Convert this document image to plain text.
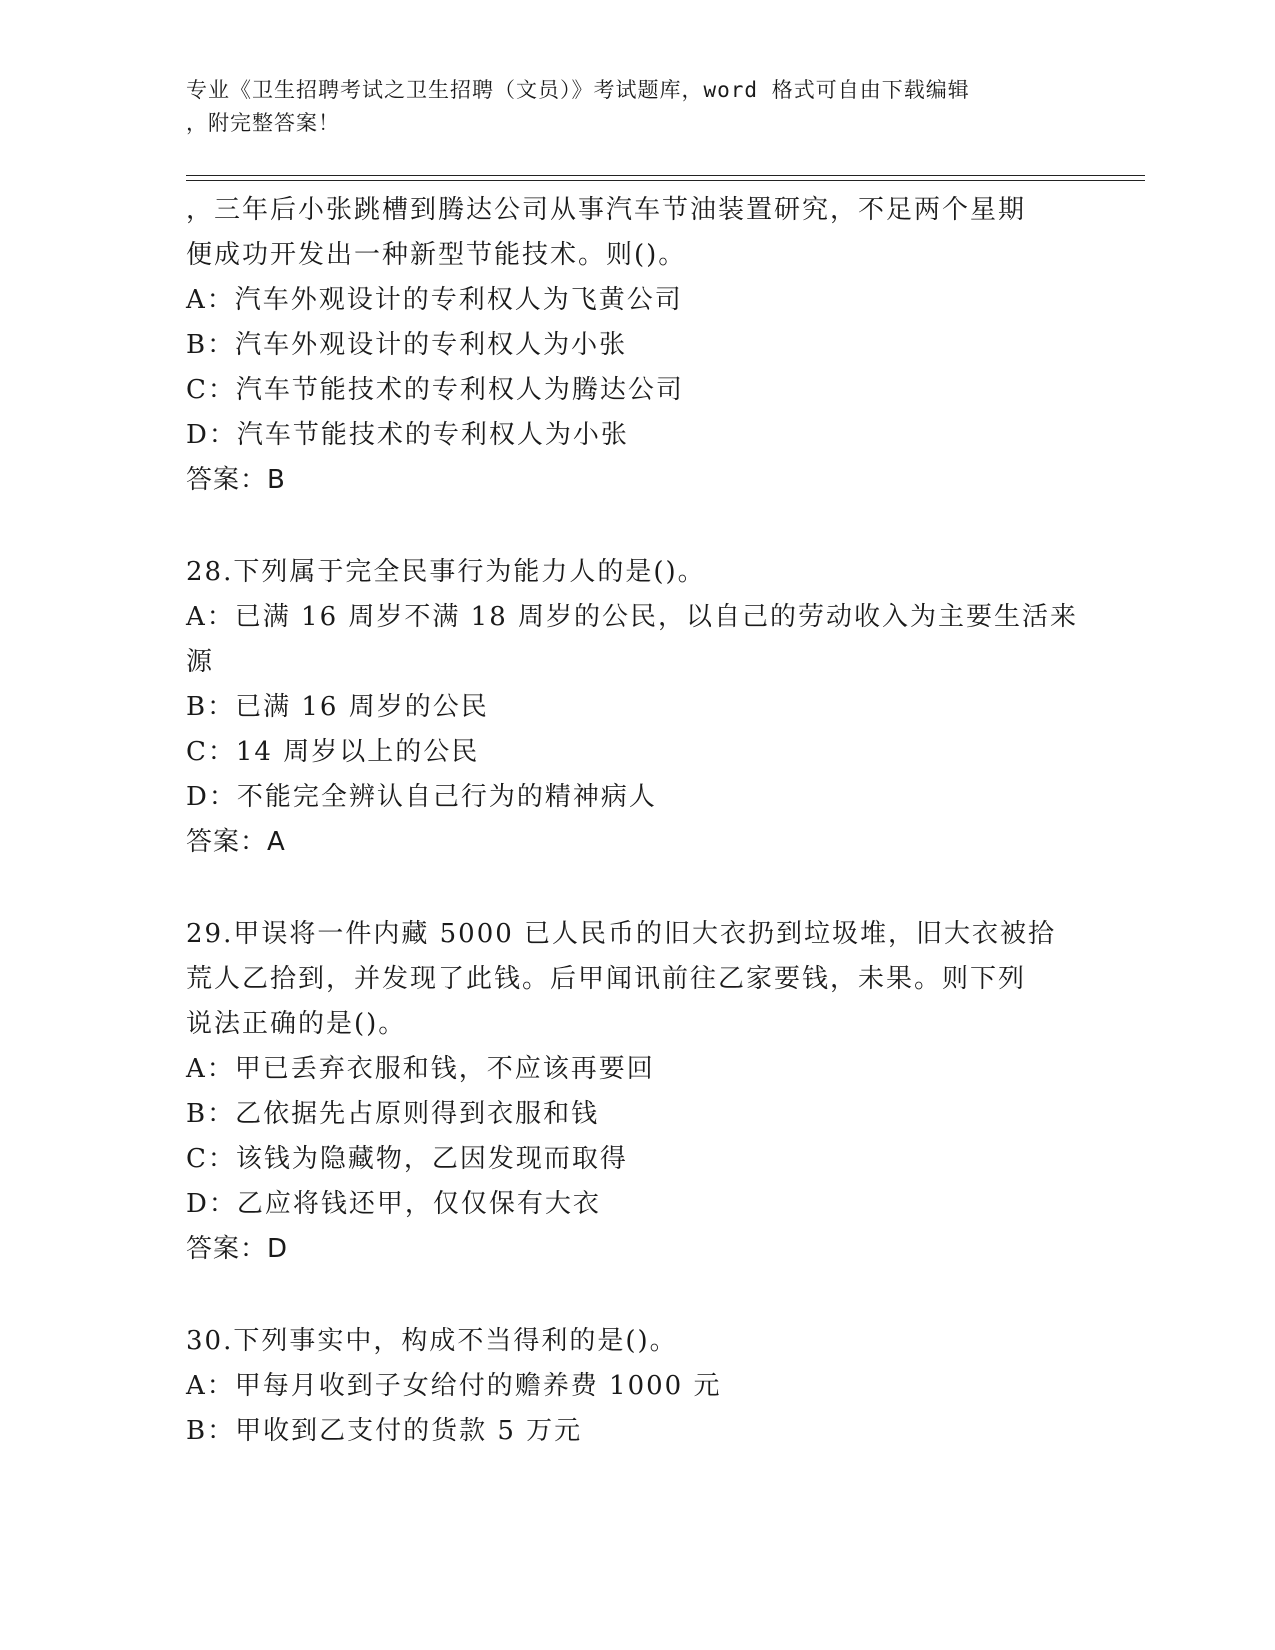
专业《卫生招聘考试之卫生招聘（文员）》考试题库，word 格式可自由下载编辑
，附完整答案！
，三年后小张跳槽到腾达公司从事汽车节油装置研究，不足两个星期
便成功开发出一种新型节能技术。则()。
A：汽车外观设计的专利权人为飞黄公司
B：汽车外观设计的专利权人为小张
C：汽车节能技术的专利权人为腾达公司
D：汽车节能技术的专利权人为小张
答案：B
28.下列属于完全民事行为能力人的是()。
A：已满 16 周岁不满 18 周岁的公民，以自己的劳动收入为主要生活来
源
B：已满 16 周岁的公民
C：14 周岁以上的公民
D：不能完全辨认自己行为的精神病人
答案：A
29.甲误将一件内藏 5000 已人民币的旧大衣扔到垃圾堆，旧大衣被拾
荒人乙拾到，并发现了此钱。后甲闻讯前往乙家要钱，未果。则下列
说法正确的是()。
A：甲已丢弃衣服和钱，不应该再要回
B：乙依据先占原则得到衣服和钱
C：该钱为隐藏物，乙因发现而取得
D：乙应将钱还甲，仅仅保有大衣
答案：D
30.下列事实中，构成不当得利的是()。
A：甲每月收到子女给付的赡养费 1000 元
B：甲收到乙支付的货款 5 万元
